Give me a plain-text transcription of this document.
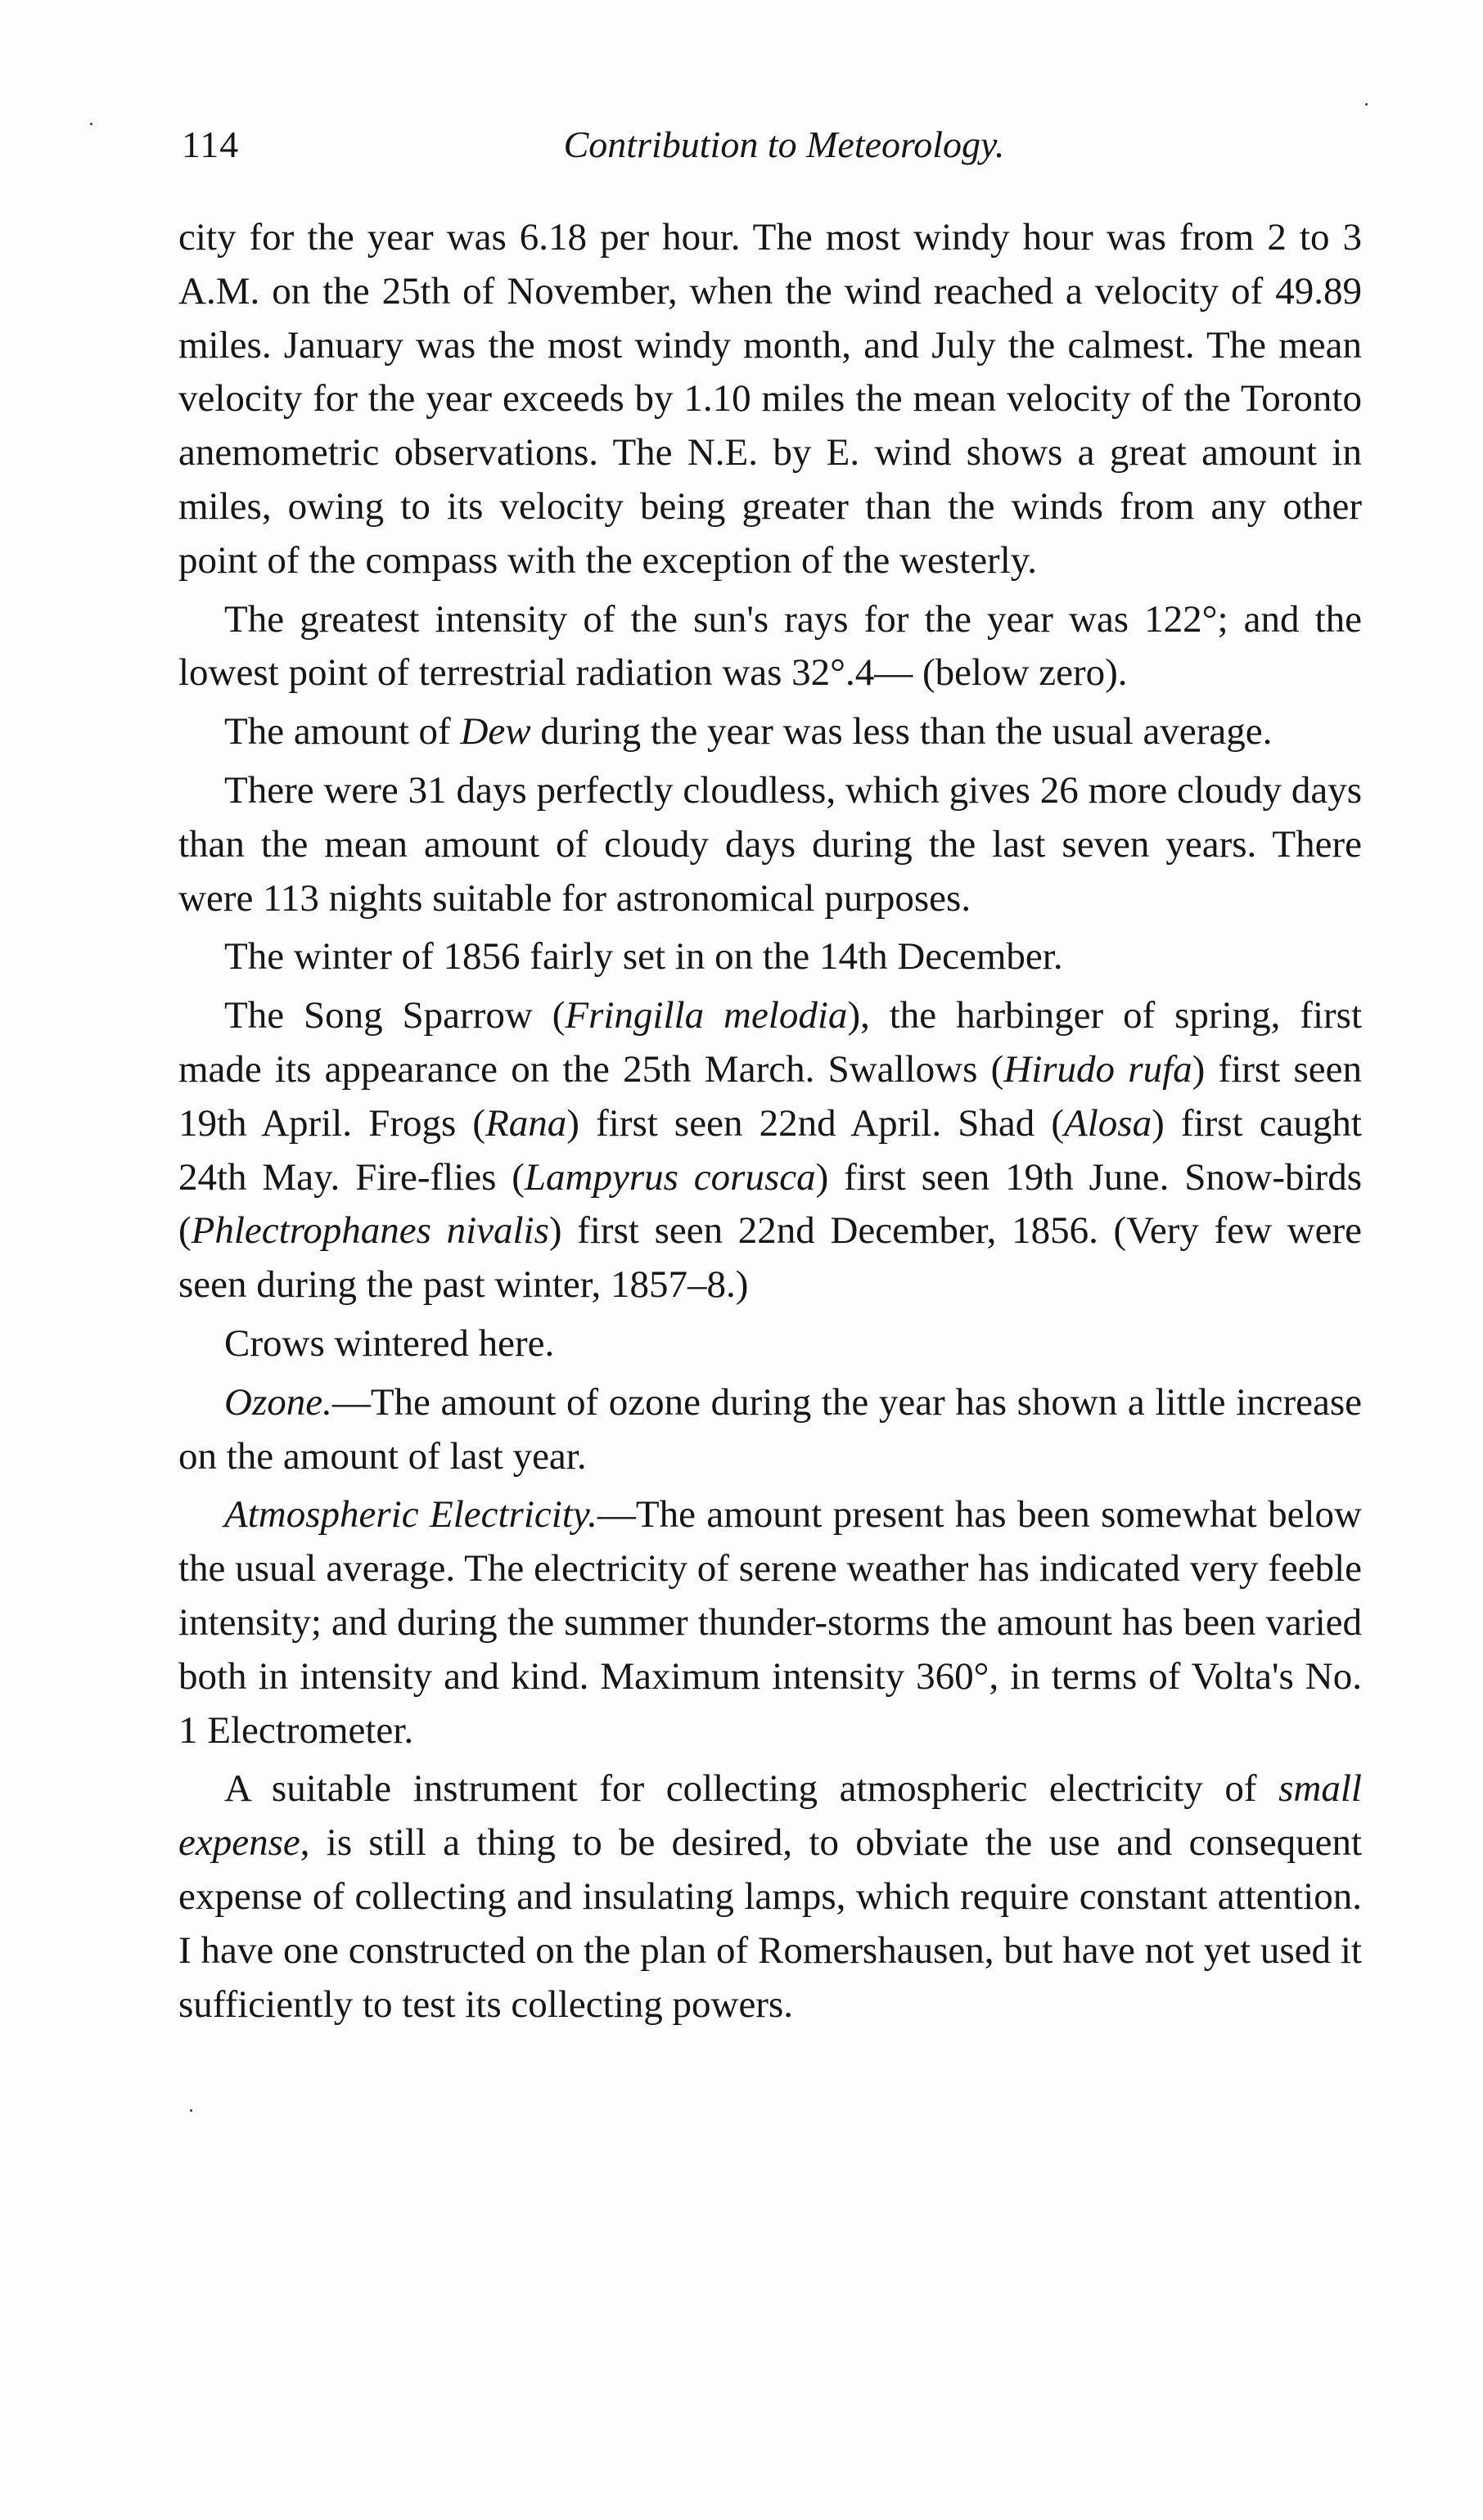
114	Contribution to Meteorology.

city for the year was 6.18 per hour. The most windy hour was from 2 to 3 A.M. on the 25th of November, when the wind reached a velocity of 49.89 miles. January was the most windy month, and July the calmest. The mean velocity for the year exceeds by 1.10 miles the mean velocity of the Toronto anemometric observations. The N.E. by E. wind shows a great amount in miles, owing to its velocity being greater than the winds from any other point of the compass with the exception of the westerly.

The greatest intensity of the sun's rays for the year was 122°; and the lowest point of terrestrial radiation was 32°.4— (below zero).

The amount of Dew during the year was less than the usual average.

There were 31 days perfectly cloudless, which gives 26 more cloudy days than the mean amount of cloudy days during the last seven years. There were 113 nights suitable for astronomical purposes.

The winter of 1856 fairly set in on the 14th December.

The Song Sparrow (Fringilla melodia), the harbinger of spring, first made its appearance on the 25th March. Swallows (Hirudo rufa) first seen 19th April. Frogs (Rana) first seen 22nd April. Shad (Alosa) first caught 24th May. Fire-flies (Lampyrus corusca) first seen 19th June. Snow-birds (Phlectrophanes nivalis) first seen 22nd December, 1856. (Very few were seen during the past winter, 1857–8.)

Crows wintered here.

Ozone.—The amount of ozone during the year has shown a little increase on the amount of last year.

Atmospheric Electricity.—The amount present has been somewhat below the usual average. The electricity of serene weather has indicated very feeble intensity; and during the summer thunder-storms the amount has been varied both in intensity and kind. Maximum intensity 360°, in terms of Volta's No. 1 Electrometer.

A suitable instrument for collecting atmospheric electricity of small expense, is still a thing to be desired, to obviate the use and consequent expense of collecting and insulating lamps, which require constant attention. I have one constructed on the plan of Romershausen, but have not yet used it sufficiently to test its collecting powers.
